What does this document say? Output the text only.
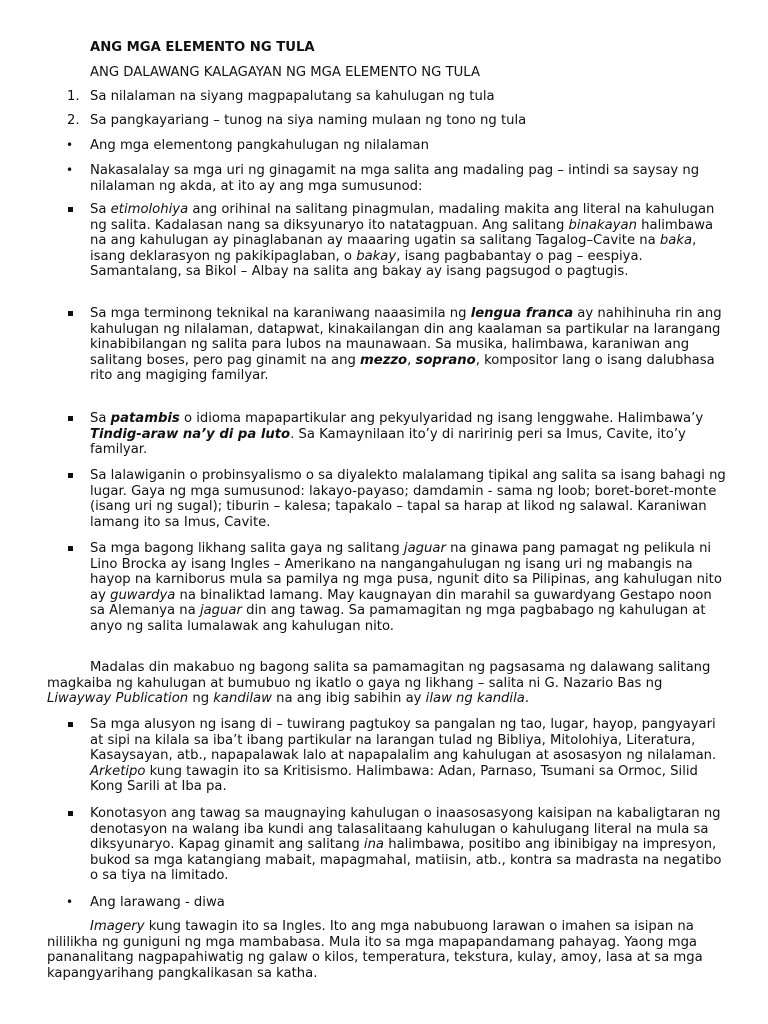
ANG MGA ELEMENTO NG TULA
ANG DALAWANG KALAGAYAN NG MGA ELEMENTO NG TULA
1. Sa nilalaman na siyang magpapalutang sa kahulugan ng tula
2. Sa pangkayariang – tunog na siya naming mulaan ng tono ng tula
• Ang mga elementong pangkahulugan ng nilalaman
• Nakasalalay sa mga uri ng ginagamit na mga salita ang madaling pag – intindi sa saysay ng nilalaman ng akda, at ito ay ang mga sumusunod:
Sa etimolohiya ang orihinal na salitang pinagmulan, madaling makita ang literal na kahulugan ng salita. Kadalasan nang sa diksyunaryo ito natatagpuan. Ang salitang binakayan halimbawa na ang kahulugan ay pinaglabanan ay maaaring ugatin sa salitang Tagalog–Cavite na baka, isang deklarasyon ng pakikipaglaban, o bakay, isang pagbabantay o pag – eespiya. Samantalang, sa Bikol – Albay na salita ang bakay ay isang pagsugod o pagtugis.
Sa mga terminong teknikal na karaniwang naaasimila ng lengua franca ay nahihinuha rin ang kahulugan ng nilalaman, datapwat, kinakailangan din ang kaalaman sa partikular na larangang kinabibilangan ng salita para lubos na maunawaan. Sa musika, halimbawa, karaniwan ang salitang boses, pero pag ginamit na ang mezzo, soprano, kompositor lang o isang dalubhasa rito ang magiging familyar.
Sa patambis o idioma mapapartikular ang pekyulyaridad ng isang lenggwahe. Halimbawa’y Tindig-araw na’y di pa luto. Sa Kamaynilaan ito’y di naririnig peri sa Imus, Cavite, ito’y familyar.
Sa lalawiganin o probinsyalismo o sa diyalekto malalamang tipikal ang salita sa isang bahagi ng lugar. Gaya ng mga sumusunod: lakayo-payaso; damdamin - sama ng loob; boret-boret-monte (isang uri ng sugal); tiburin – kalesa; tapakalo – tapal sa harap at likod ng salawal. Karaniwan lamang ito sa Imus, Cavite.
Sa mga bagong likhang salita gaya ng salitang jaguar na ginawa pang pamagat ng pelikula ni Lino Brocka ay isang Ingles – Amerikano na nangangahulugan ng isang uri ng mabangis na hayop na karniborus mula sa pamilya ng mga pusa, ngunit dito sa Pilipinas, ang kahulugan nito ay guwardya na binaliktad lamang. May kaugnayan din marahil sa guwardyang Gestapo noon sa Alemanya na jaguar din ang tawag. Sa pamamagitan ng mga pagbabago ng kahulugan at anyo ng salita lumalawak ang kahulugan nito.
Madalas din makabuo ng bagong salita sa pamamagitan ng pagsasama ng dalawang salitang magkaiba ng kahulugan at bumubuo ng ikatlo o gaya ng likhang – salita ni G. Nazario Bas ng Liwayway Publication ng kandilaw na ang ibig sabihin ay ilaw ng kandila.
Sa mga alusyon ng isang di – tuwirang pagtukoy sa pangalan ng tao, lugar, hayop, pangyayari at sipi na kilala sa iba’t ibang partikular na larangan tulad ng Bibliya, Mitolohiya, Literatura, Kasaysayan, atb., napapalawak lalo at napapalalim ang kahulugan at asosasyon ng nilalaman. Arketipo kung tawagin ito sa Kritisismo. Halimbawa: Adan, Parnaso, Tsumani sa Ormoc, Silid Kong Sarili at Iba pa.
Konotasyon ang tawag sa maugnaying kahulugan o inaasosasyong kaisipan na kabaligtaran ng denotasyon na walang iba kundi ang talasalitaang kahulugan o kahulugang literal na mula sa diksyunaryo. Kapag ginamit ang salitang ina halimbawa, positibo ang ibinibigay na impresyon, bukod sa mga katangiang mabait, mapagmahal, matiisin, atb., kontra sa madrasta na negatibo o sa tiya na limitado.
• Ang larawang - diwa
Imagery kung tawagin ito sa Ingles. Ito ang mga nabubuong larawan o imahen sa isipan na nililikha ng guniguni ng mga mambabasa. Mula ito sa mga mapapandamang pahayag. Yaong mga pananalitang nagpapahiwatig ng galaw o kilos, temperatura, tekstura, kulay, amoy, lasa at sa mga kapangyarihang pangkalikasan sa katha.
